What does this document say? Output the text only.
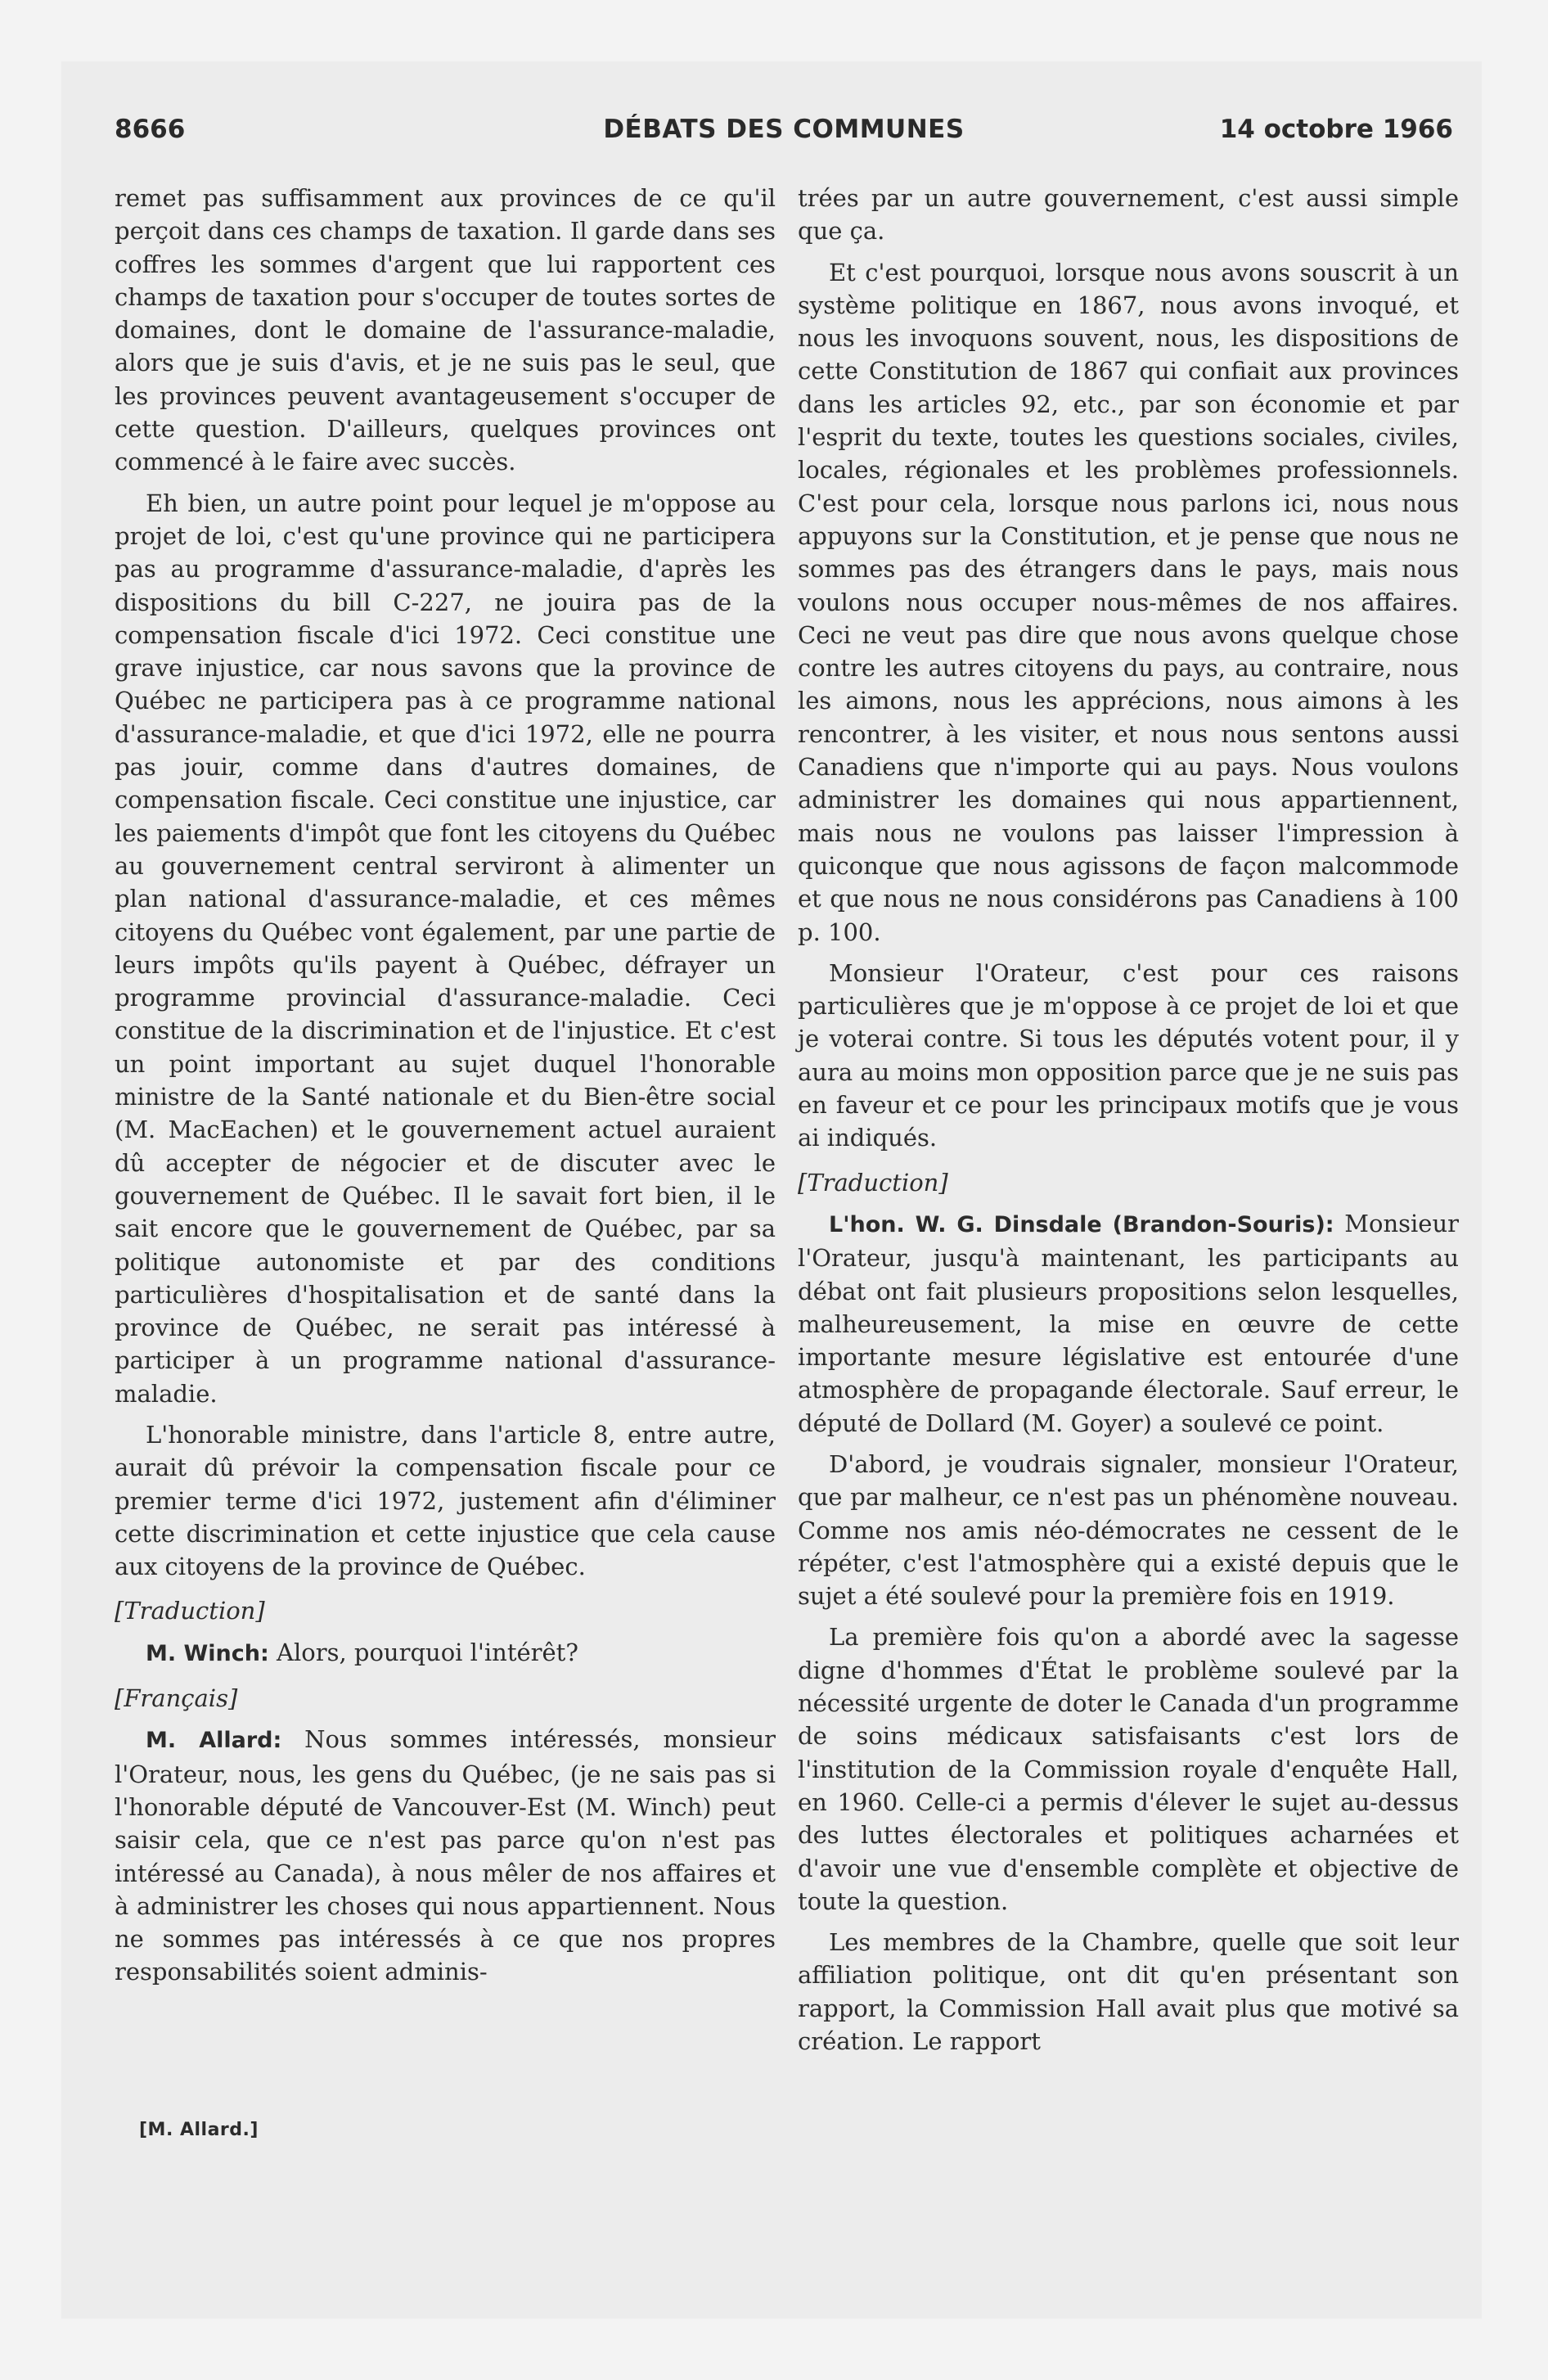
8666	DÉBATS DES COMMUNES	14 octobre 1966

remet pas suffisamment aux provinces de ce qu'il perçoit dans ces champs de taxation. Il garde dans ses coffres les sommes d'argent que lui rapportent ces champs de taxation pour s'occuper de toutes sortes de domaines, dont le domaine de l'assurance-maladie, alors que je suis d'avis, et je ne suis pas le seul, que les provinces peuvent avantageusement s'occuper de cette question. D'ailleurs, quelques provinces ont commencé à le faire avec succès.

Eh bien, un autre point pour lequel je m'oppose au projet de loi, c'est qu'une province qui ne participera pas au programme d'assurance-maladie, d'après les dispositions du bill C-227, ne jouira pas de la compensation fiscale d'ici 1972. Ceci constitue une grave injustice, car nous savons que la province de Québec ne participera pas à ce programme national d'assurance-maladie, et que d'ici 1972, elle ne pourra pas jouir, comme dans d'autres domaines, de compensation fiscale. Ceci constitue une injustice, car les paiements d'impôt que font les citoyens du Québec au gouvernement central serviront à alimenter un plan national d'assurance-maladie, et ces mêmes citoyens du Québec vont également, par une partie de leurs impôts qu'ils payent à Québec, défrayer un programme provincial d'assurance-maladie. Ceci constitue de la discrimination et de l'injustice. Et c'est un point important au sujet duquel l'honorable ministre de la Santé nationale et du Bien-être social (M. MacEachen) et le gouvernement actuel auraient dû accepter de négocier et de discuter avec le gouvernement de Québec. Il le savait fort bien, il le sait encore que le gouvernement de Québec, par sa politique autonomiste et par des conditions particulières d'hospitalisation et de santé dans la province de Québec, ne serait pas intéressé à participer à un programme national d'assurance-maladie.

L'honorable ministre, dans l'article 8, entre autre, aurait dû prévoir la compensation fiscale pour ce premier terme d'ici 1972, justement afin d'éliminer cette discrimination et cette injustice que cela cause aux citoyens de la province de Québec.

[Traduction]

M. Winch: Alors, pourquoi l'intérêt?

[Français]

M. Allard: Nous sommes intéressés, monsieur l'Orateur, nous, les gens du Québec, (je ne sais pas si l'honorable député de Vancouver-Est (M. Winch) peut saisir cela, que ce n'est pas parce qu'on n'est pas intéressé au Canada), à nous mêler de nos affaires et à administrer les choses qui nous appartiennent. Nous ne sommes pas intéressés à ce que nos propres responsabilités soient adminis-

[M. Allard.]

trées par un autre gouvernement, c'est aussi simple que ça.

Et c'est pourquoi, lorsque nous avons souscrit à un système politique en 1867, nous avons invoqué, et nous les invoquons souvent, nous, les dispositions de cette Constitution de 1867 qui confiait aux provinces dans les articles 92, etc., par son économie et par l'esprit du texte, toutes les questions sociales, civiles, locales, régionales et les problèmes professionnels. C'est pour cela, lorsque nous parlons ici, nous nous appuyons sur la Constitution, et je pense que nous ne sommes pas des étrangers dans le pays, mais nous voulons nous occuper nous-mêmes de nos affaires. Ceci ne veut pas dire que nous avons quelque chose contre les autres citoyens du pays, au contraire, nous les aimons, nous les apprécions, nous aimons à les rencontrer, à les visiter, et nous nous sentons aussi Canadiens que n'importe qui au pays. Nous voulons administrer les domaines qui nous appartiennent, mais nous ne voulons pas laisser l'impression à quiconque que nous agissons de façon malcommode et que nous ne nous considérons pas Canadiens à 100 p. 100.

Monsieur l'Orateur, c'est pour ces raisons particulières que je m'oppose à ce projet de loi et que je voterai contre. Si tous les députés votent pour, il y aura au moins mon opposition parce que je ne suis pas en faveur et ce pour les principaux motifs que je vous ai indiqués.

[Traduction]

L'hon. W. G. Dinsdale (Brandon-Souris): Monsieur l'Orateur, jusqu'à maintenant, les participants au débat ont fait plusieurs propositions selon lesquelles, malheureusement, la mise en œuvre de cette importante mesure législative est entourée d'une atmosphère de propagande électorale. Sauf erreur, le député de Dollard (M. Goyer) a soulevé ce point.

D'abord, je voudrais signaler, monsieur l'Orateur, que par malheur, ce n'est pas un phénomène nouveau. Comme nos amis néo-démocrates ne cessent de le répéter, c'est l'atmosphère qui a existé depuis que le sujet a été soulevé pour la première fois en 1919.

La première fois qu'on a abordé avec la sagesse digne d'hommes d'État le problème soulevé par la nécessité urgente de doter le Canada d'un programme de soins médicaux satisfaisants c'est lors de l'institution de la Commission royale d'enquête Hall, en 1960. Celle-ci a permis d'élever le sujet au-dessus des luttes électorales et politiques acharnées et d'avoir une vue d'ensemble complète et objective de toute la question.

Les membres de la Chambre, quelle que soit leur affiliation politique, ont dit qu'en présentant son rapport, la Commission Hall avait plus que motivé sa création. Le rapport
